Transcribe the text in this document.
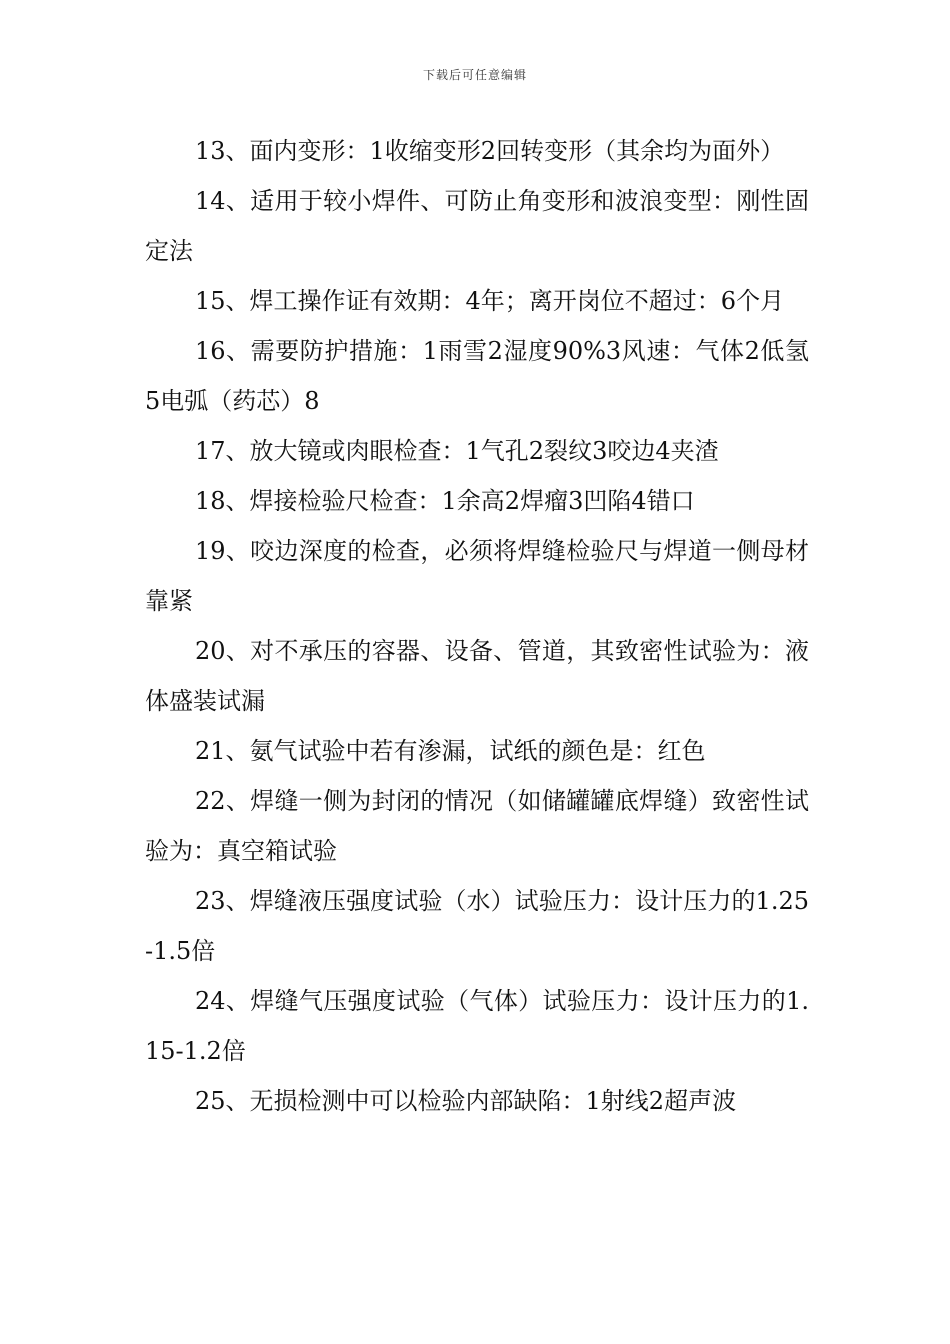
下载后可任意编辑

13、面内变形：1收缩变形2回转变形（其余均为面外）

14、适用于较小焊件、可防止角变形和波浪变型：刚性固定法

15、焊工操作证有效期：4年；离开岗位不超过：6个月

16、需要防护措施：1雨雪2湿度90%3风速：气体2低氢5电弧（药芯）8

17、放大镜或肉眼检查：1气孔2裂纹3咬边4夹渣

18、焊接检验尺检查：1余高2焊瘤3凹陷4错口

19、咬边深度的检查，必须将焊缝检验尺与焊道一侧母材靠紧

20、对不承压的容器、设备、管道，其致密性试验为：液体盛装试漏

21、氨气试验中若有渗漏，试纸的颜色是：红色

22、焊缝一侧为封闭的情况（如储罐罐底焊缝）致密性试验为：真空箱试验

23、焊缝液压强度试验（水）试验压力：设计压力的1.25-1.5倍

24、焊缝气压强度试验（气体）试验压力：设计压力的1.15-1.2倍

25、无损检测中可以检验内部缺陷：1射线2超声波
